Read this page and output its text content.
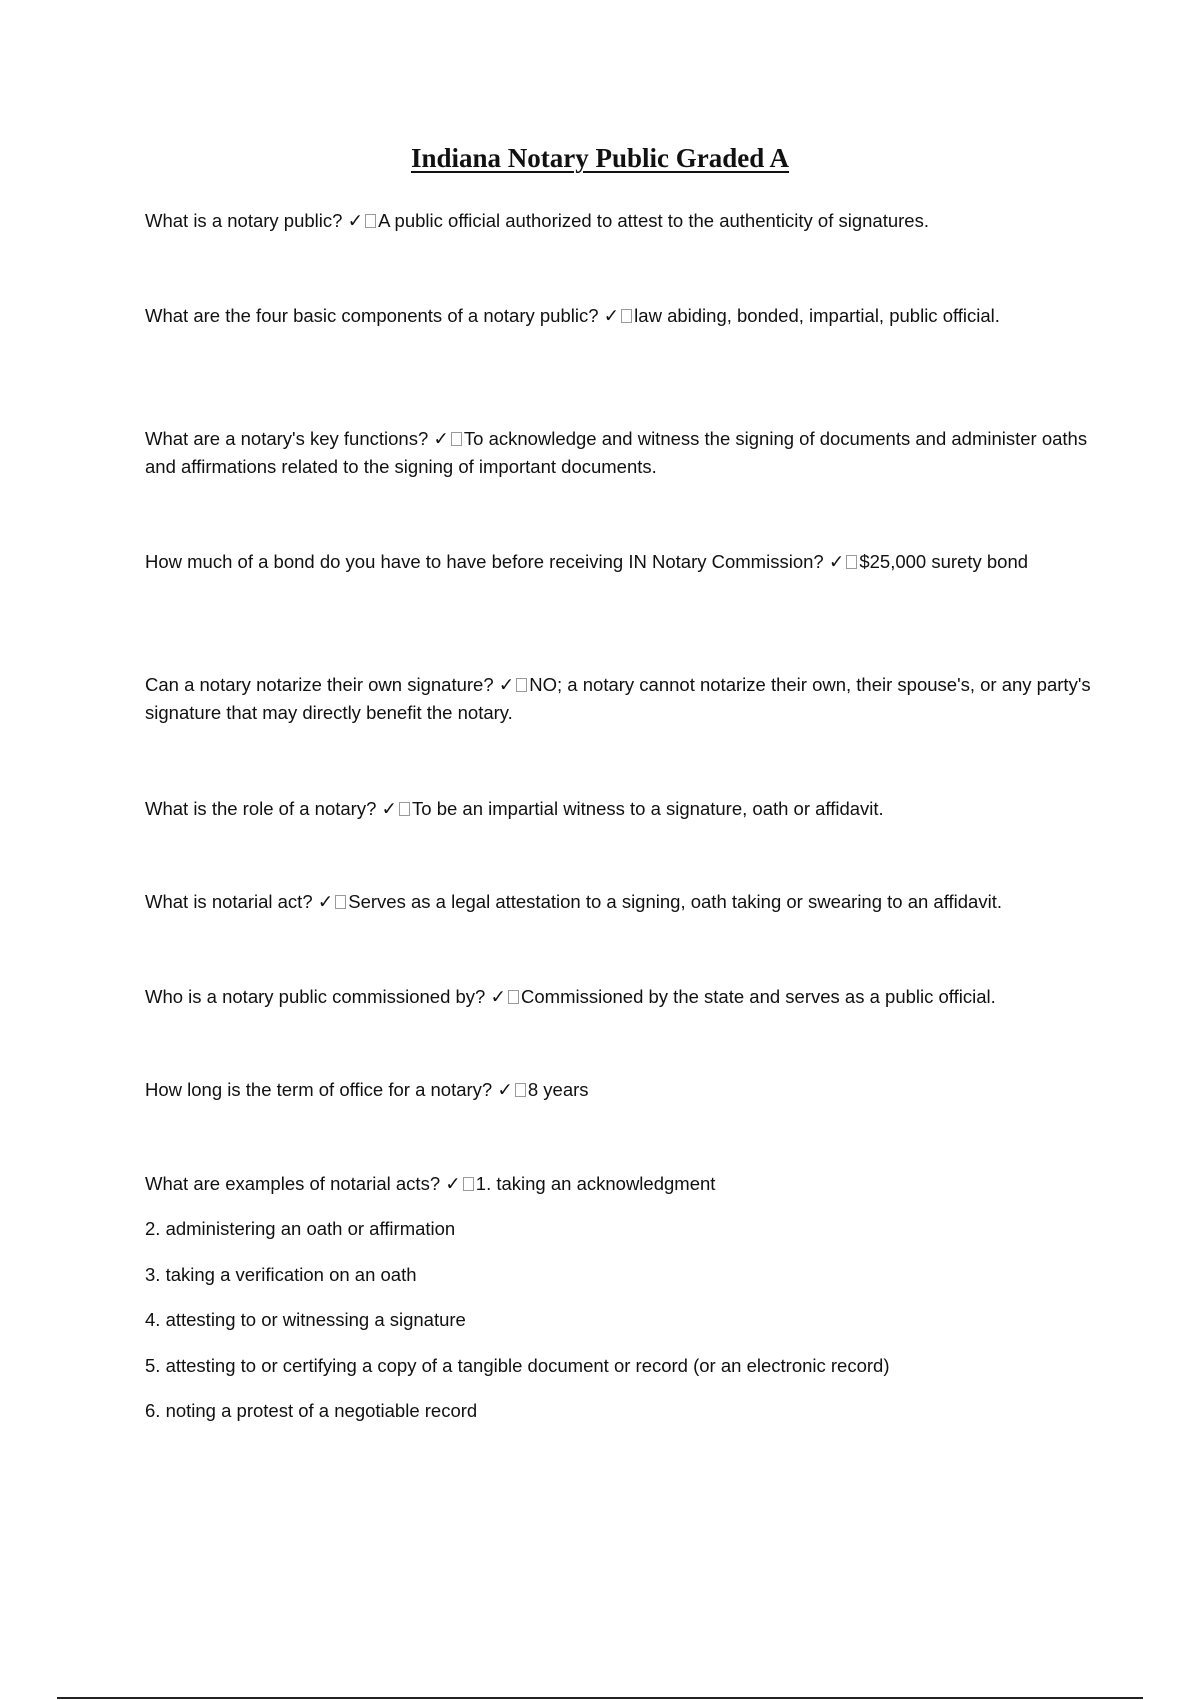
Indiana Notary Public Graded A
What is a notary public? ✓ A public official authorized to attest to the authenticity of signatures.
What are the four basic components of a notary public? ✓ law abiding, bonded, impartial, public official.
What are a notary's key functions? ✓ To acknowledge and witness the signing of documents and administer oaths and affirmations related to the signing of important documents.
How much of a bond do you have to have before receiving IN Notary Commission? ✓ $25,000 surety bond
Can a notary notarize their own signature? ✓ NO; a notary cannot notarize their own, their spouse's, or any party's signature that may directly benefit the notary.
What is the role of a notary? ✓ To be an impartial witness to a signature, oath or affidavit.
What is notarial act? ✓ Serves as a legal attestation to a signing, oath taking or swearing to an affidavit.
Who is a notary public commissioned by? ✓ Commissioned by the state and serves as a public official.
How long is the term of office for a notary? ✓ 8 years
What are examples of notarial acts? ✓ 1. taking an acknowledgment
2. administering an oath or affirmation
3. taking a verification on an oath
4. attesting to or witnessing a signature
5. attesting to or certifying a copy of a tangible document or record (or an electronic record)
6. noting a protest of a negotiable record
